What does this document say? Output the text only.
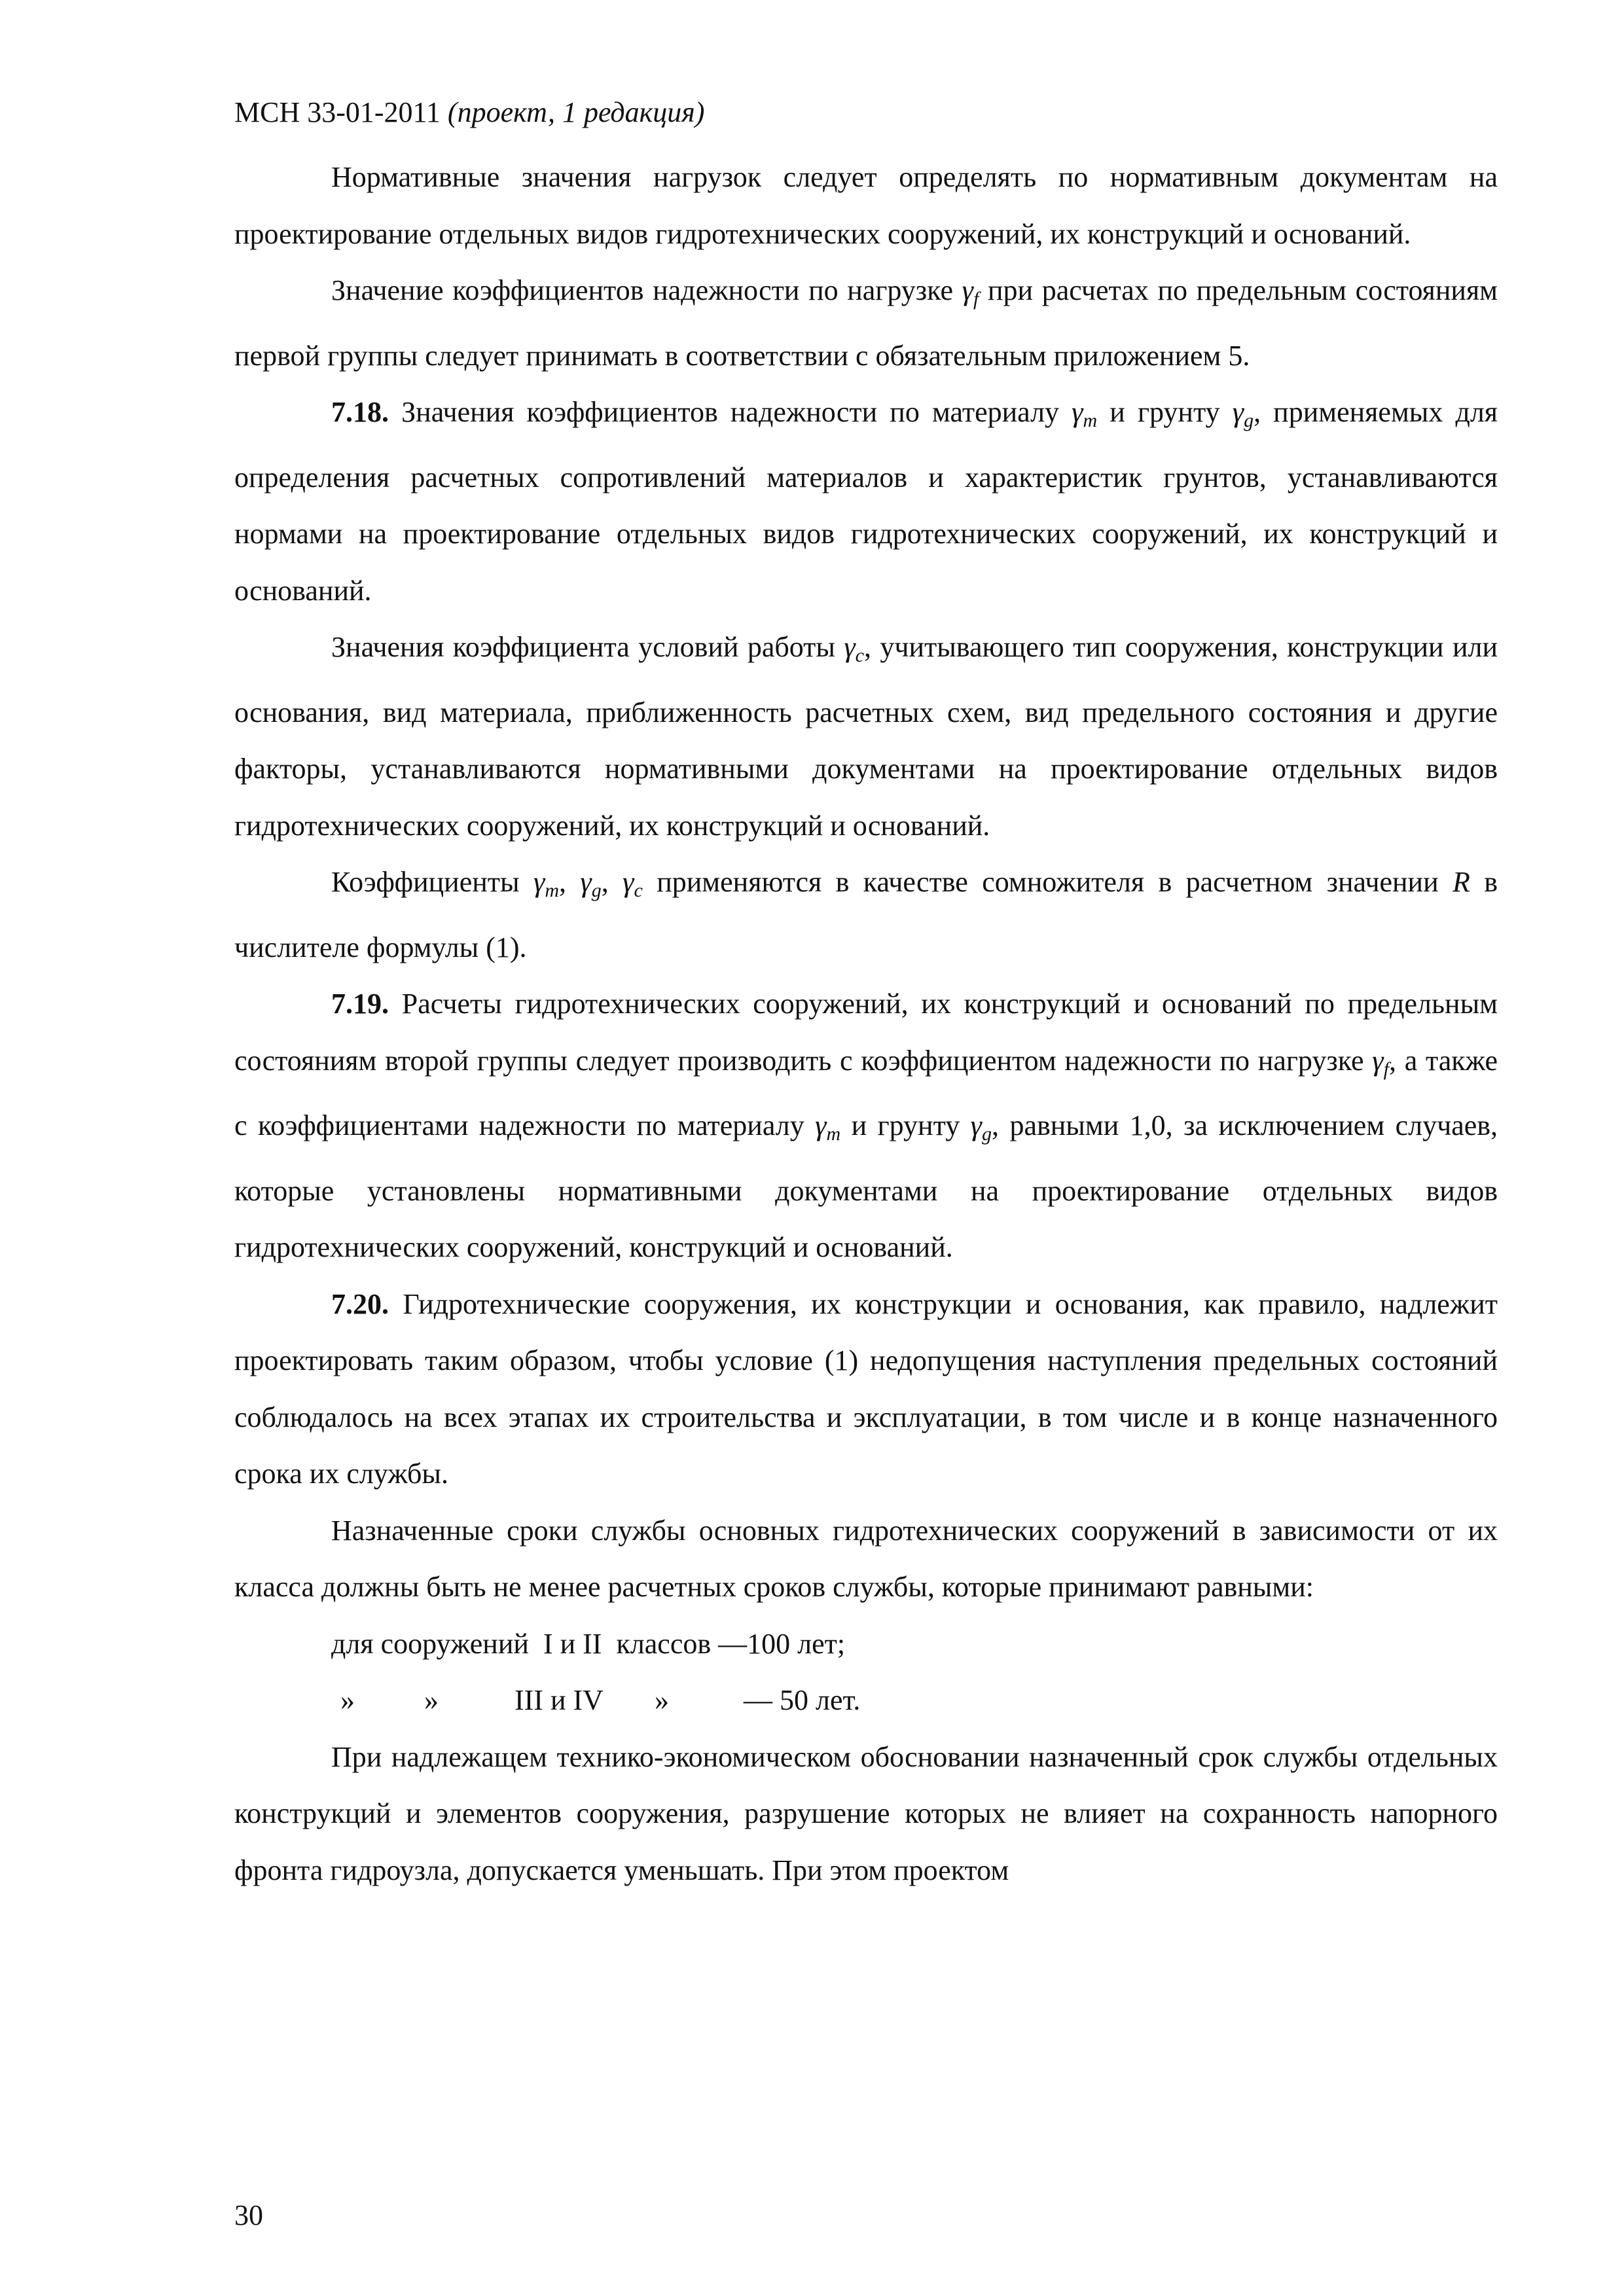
МСН 33-01-2011 (проект, 1 редакция)

Нормативные значения нагрузок следует определять по нормативным документам на проектирование отдельных видов гидротехнических сооружений, их конструкций и оснований.

Значение коэффициентов надежности по нагрузке $\gamma_f$ при расчетах по предельным состояниям первой группы следует принимать в соответствии с обязательным приложением 5.

7.18. Значения коэффициентов надежности по материалу $\gamma_m$ и грунту $\gamma_g$, применяемых для определения расчетных сопротивлений материалов и характеристик грунтов, устанавливаются нормами на проектирование отдельных видов гидротехнических сооружений, их конструкций и оснований.

Значения коэффициента условий работы $\gamma_c$, учитывающего тип сооружения, конструкции или основания, вид материала, приближенность расчетных схем, вид предельного состояния и другие факторы, устанавливаются нормативными документами на проектирование отдельных видов гидротехнических сооружений, их конструкций и оснований.

Коэффициенты $\gamma_m$, $\gamma_g$, $\gamma_c$ применяются в качестве сомножителя в расчетном значении R в числителе формулы (1).

7.19. Расчеты гидротехнических сооружений, их конструкций и оснований по предельным состояниям второй группы следует производить с коэффициентом надежности по нагрузке $\gamma_f$, а также с коэффициентами надежности по материалу $\gamma_m$ и грунту $\gamma_g$, равными 1,0, за исключением случаев, которые установлены нормативными документами на проектирование отдельных видов гидротехнических сооружений, конструкций и оснований.

7.20. Гидротехнические сооружения, их конструкции и основания, как правило, надлежит проектировать таким образом, чтобы условие (1) недопущения наступления предельных состояний соблюдалось на всех этапах их строительства и эксплуатации, в том числе и в конце назначенного срока их службы.

Назначенные сроки службы основных гидротехнических сооружений в зависимости от их класса должны быть не менее расчетных сроков службы, которые принимают равными:

для сооружений  I и II  классов —100 лет;

»

»

	III и IV

»

	— 50 лет.

При надлежащем технико-экономическом обосновании назначенный срок службы отдельных конструкций и элементов сооружения, разрушение которых не влияет на сохранность напорного фронта гидроузла, допускается уменьшать. При этом проектом

30
